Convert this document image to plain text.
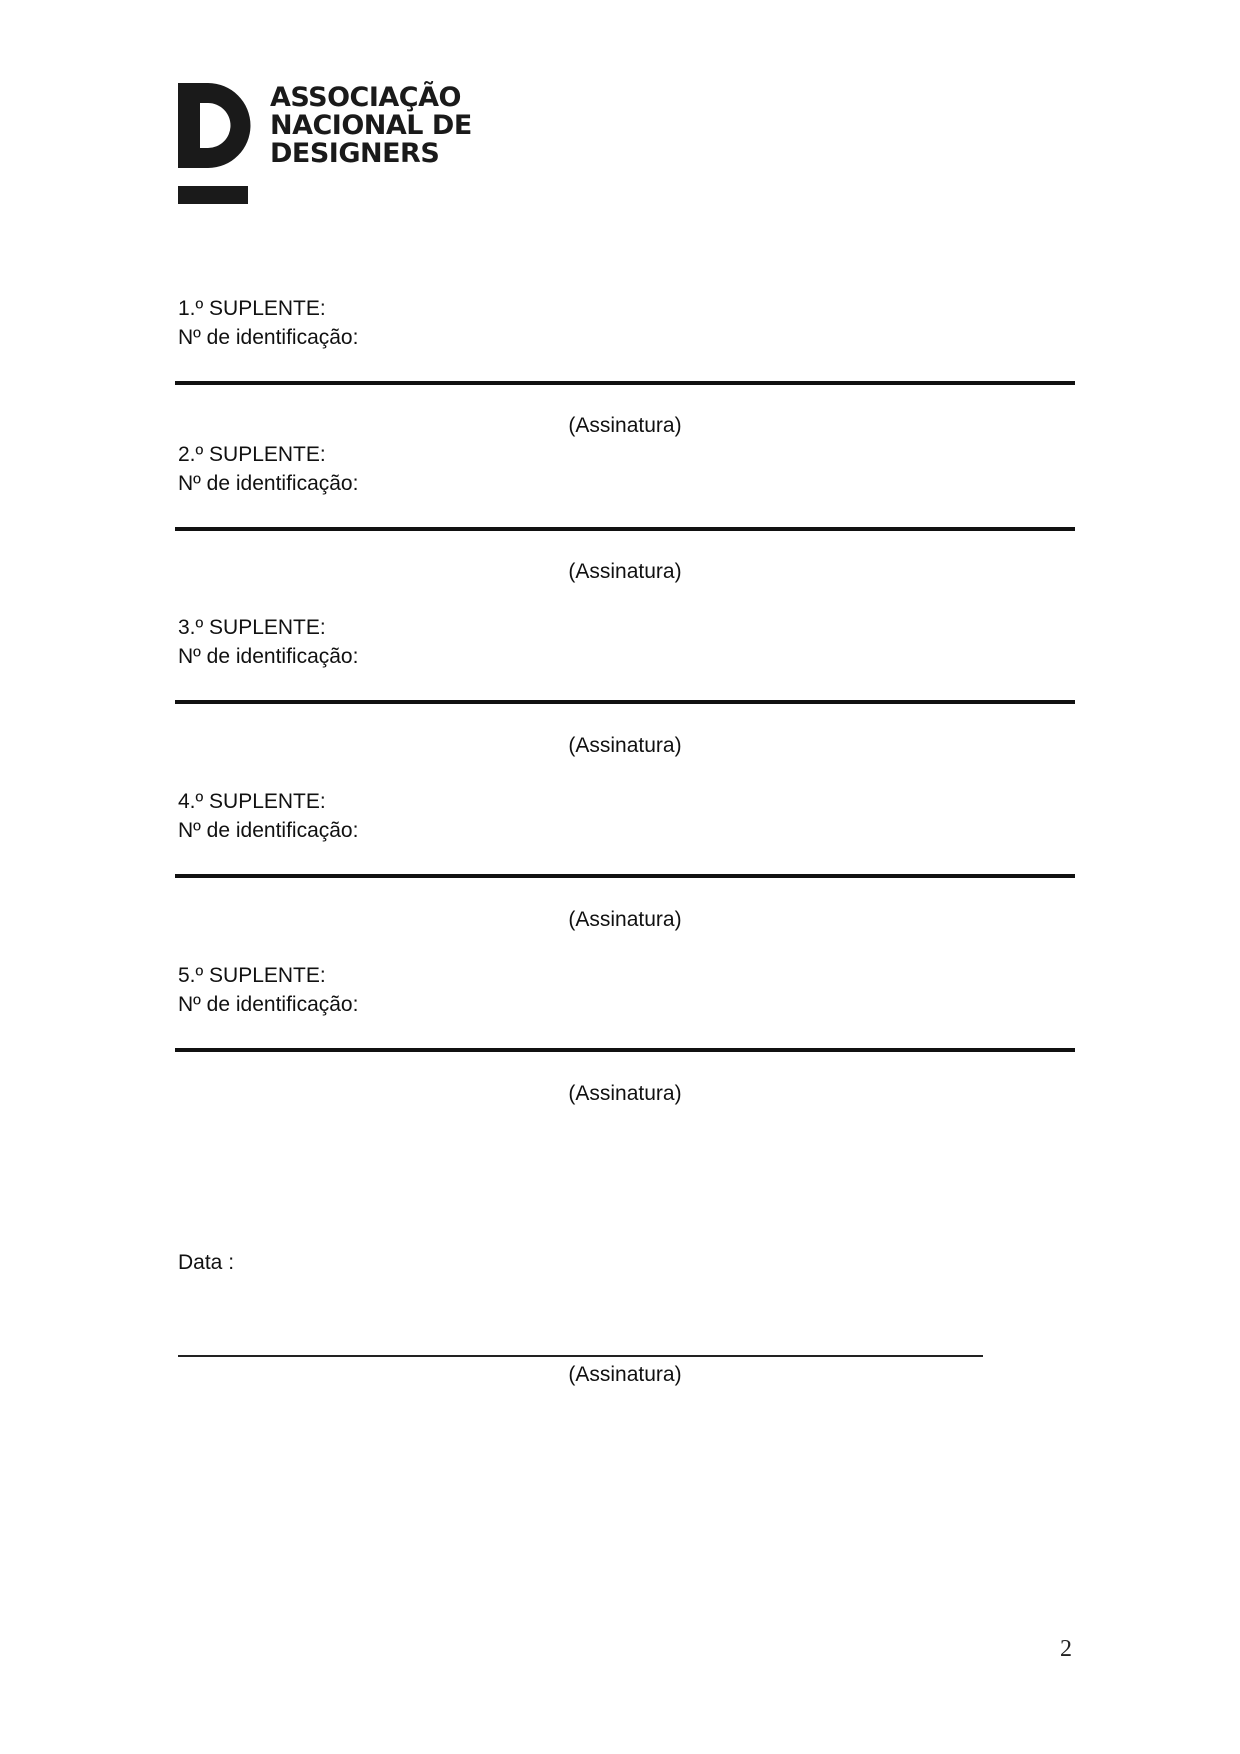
ASSOCIAÇÃO
NACIONAL DE
DESIGNERS
1.º SUPLENTE:
Nº de identificação:
(Assinatura)
2.º SUPLENTE:
Nº de identificação:
(Assinatura)
3.º SUPLENTE:
Nº de identificação:
(Assinatura)
4.º SUPLENTE:
Nº de identificação:
(Assinatura)
5.º SUPLENTE:
Nº de identificação:
(Assinatura)
Data :
(Assinatura)
2
